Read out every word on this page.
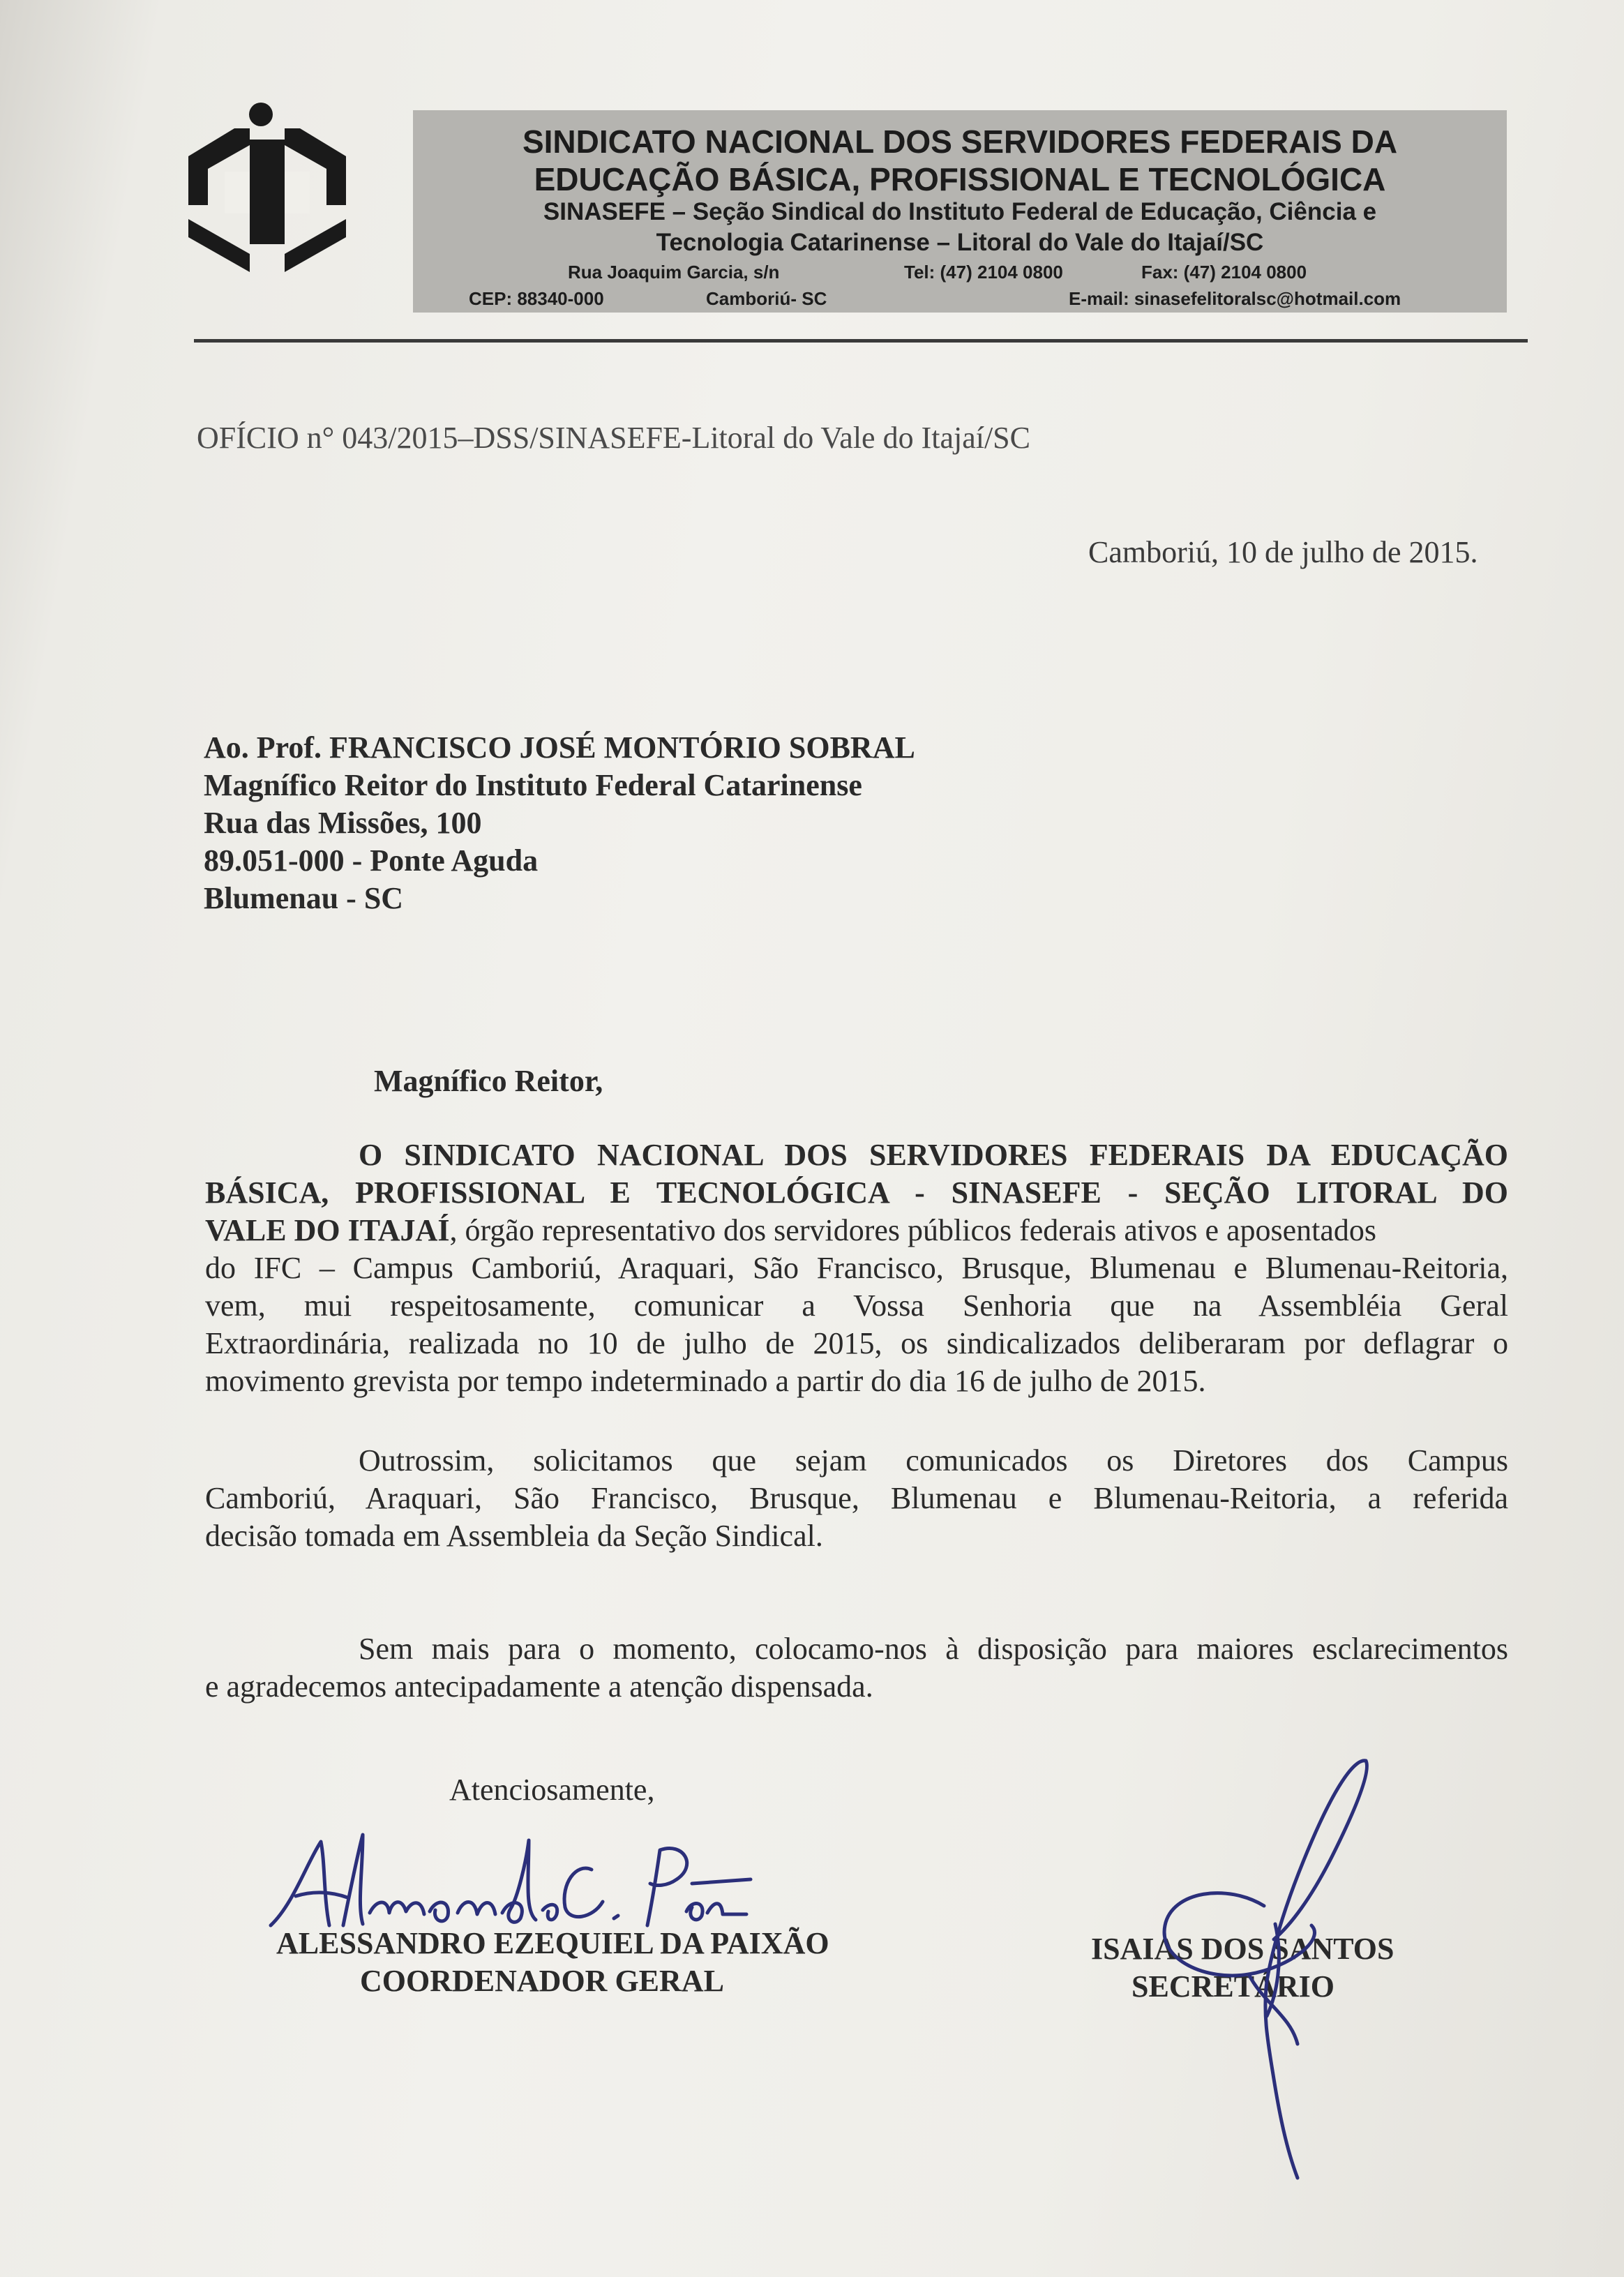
SINDICATO NACIONAL DOS SERVIDORES FEDERAIS DA
EDUCAÇÃO BÁSICA, PROFISSIONAL E TECNOLÓGICA
SINASEFE – Seção Sindical do Instituto Federal de Educação, Ciência e
Tecnologia Catarinense – Litoral do Vale do Itajaí/SC
Rua Joaquim Garcia, s/n	Tel: (47) 2104 0800	Fax: (47) 2104 0800
CEP: 88340-000	Camboriú- SC	E-mail: sinasefelitoralsc@hotmail.com
OFÍCIO n° 043/2015–DSS/SINASEFE-Litoral do Vale do Itajaí/SC
Camboriú, 10 de julho de 2015.
Ao. Prof. FRANCISCO JOSÉ MONTÓRIO SOBRAL
Magnífico Reitor do Instituto Federal Catarinense
Rua das Missões, 100
89.051-000 - Ponte Aguda
Blumenau - SC
Magnífico Reitor,
O SINDICATO NACIONAL DOS SERVIDORES FEDERAIS DA EDUCAÇÃO
BÁSICA, PROFISSIONAL E TECNOLÓGICA - SINASEFE - SEÇÃO LITORAL DO
VALE DO ITAJAÍ, órgão representativo dos servidores públicos federais ativos e aposentados
do IFC – Campus Camboriú, Araquari, São Francisco, Brusque, Blumenau e Blumenau-Reitoria,
vem, mui respeitosamente, comunicar a Vossa Senhoria que na Assembléia Geral
Extraordinária, realizada no 10 de julho de 2015, os sindicalizados deliberaram por deflagrar o
movimento grevista por tempo indeterminado a partir do dia 16 de julho de 2015.
Outrossim, solicitamos que sejam comunicados os Diretores dos Campus
Camboriú, Araquari, São Francisco, Brusque, Blumenau e Blumenau-Reitoria, a referida
decisão tomada em Assembleia da Seção Sindical.
Sem mais para o momento, colocamo-nos à disposição para maiores esclarecimentos
e agradecemos antecipadamente a atenção dispensada.
Atenciosamente,
ALESSANDRO EZEQUIEL DA PAIXÃO
COORDENADOR GERAL
ISAIAS DOS SANTOS
SECRETÁRIO
